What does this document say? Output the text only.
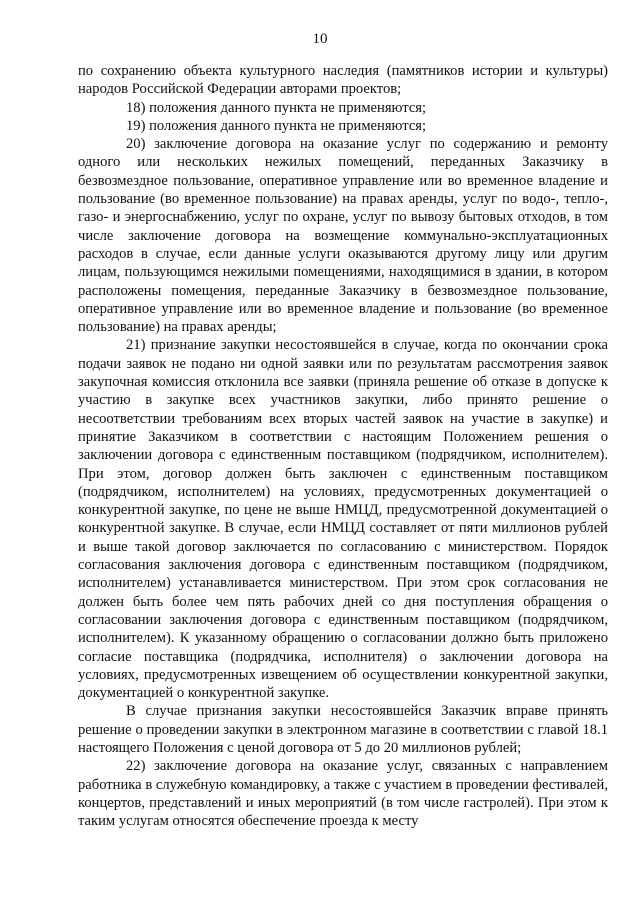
10

по сохранению объекта культурного наследия (памятников истории и культуры) народов Российской Федерации авторами проектов;

18) положения данного пункта не применяются;

19) положения данного пункта не применяются;

20) заключение договора на оказание услуг по содержанию и ремонту одного или нескольких нежилых помещений, переданных Заказчику в безвозмездное пользование, оперативное управление или во временное владение и пользование (во временное пользование) на правах аренды, услуг по водо-, тепло-, газо- и энергоснабжению, услуг по охране, услуг по вывозу бытовых отходов, в том числе заключение договора на возмещение коммунально-эксплуатационных расходов в случае, если данные услуги оказываются другому лицу или другим лицам, пользующимся нежилыми помещениями, находящимися в здании, в котором расположены помещения, переданные Заказчику в безвозмездное пользование, оперативное управление или во временное владение и пользование (во временное пользование) на правах аренды;

21) признание закупки несостоявшейся в случае, когда по окончании срока подачи заявок не подано ни одной заявки или по результатам рассмотрения заявок закупочная комиссия отклонила все заявки (приняла решение об отказе в допуске к участию в закупке всех участников закупки, либо принято решение о несоответствии требованиям всех вторых частей заявок на участие в закупке) и принятие Заказчиком в соответствии с настоящим Положением решения о заключении договора с единственным поставщиком (подрядчиком, исполнителем). При этом, договор должен быть заключен с единственным поставщиком (подрядчиком, исполнителем) на условиях, предусмотренных документацией о конкурентной закупке, по цене не выше НМЦД, предусмотренной документацией о конкурентной закупке. В случае, если НМЦД составляет от пяти миллионов рублей и выше такой договор заключается по согласованию с министерством. Порядок согласования заключения договора с единственным поставщиком (подрядчиком, исполнителем) устанавливается министерством. При этом срок согласования не должен быть более чем пять рабочих дней со дня поступления обращения о согласовании заключения договора с единственным поставщиком (подрядчиком, исполнителем). К указанному обращению о согласовании должно быть приложено согласие поставщика (подрядчика, исполнителя) о заключении договора на условиях, предусмотренных извещением об осуществлении конкурентной закупки, документацией о конкурентной закупке.

В случае признания закупки несостоявшейся Заказчик вправе принять решение о проведении закупки в электронном магазине в соответствии с главой 18.1 настоящего Положения с ценой договора от 5 до 20 миллионов рублей;

22) заключение договора на оказание услуг, связанных с направлением работника в служебную командировку, а также с участием в проведении фестивалей, концертов, представлений и иных мероприятий (в том числе гастролей). При этом к таким услугам относятся обеспечение проезда к месту
